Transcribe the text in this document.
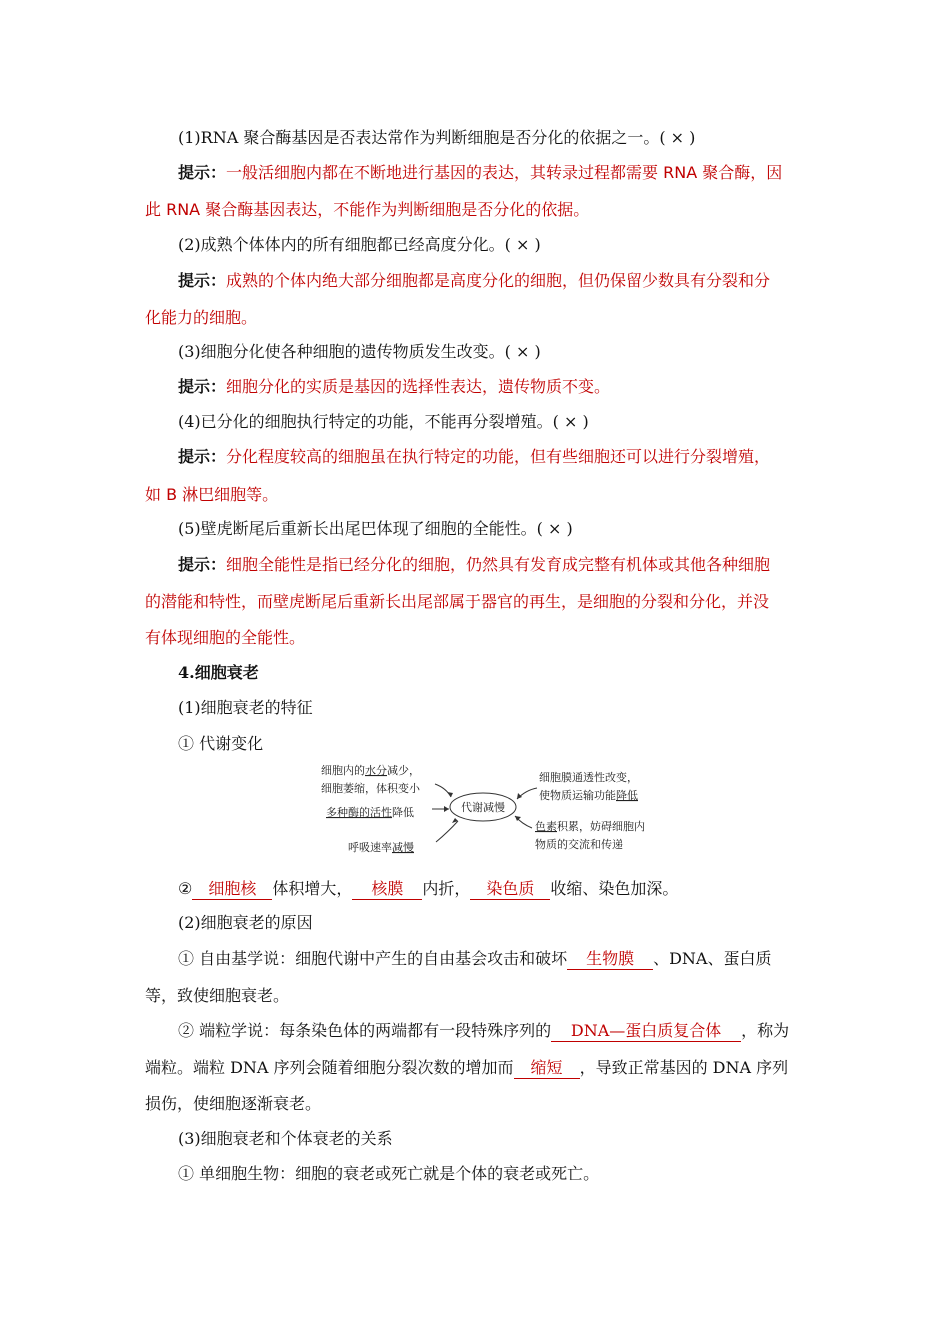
(1)RNA 聚合酶基因是否表达常作为判断细胞是否分化的依据之一。( × )
提示：一般活细胞内都在不断地进行基因的表达，其转录过程都需要 RNA 聚合酶，因
此 RNA 聚合酶基因表达，不能作为判断细胞是否分化的依据。
(2)成熟个体体内的所有细胞都已经高度分化。( × )
提示：成熟的个体内绝大部分细胞都是高度分化的细胞，但仍保留少数具有分裂和分
化能力的细胞。
(3)细胞分化使各种细胞的遗传物质发生改变。( × )
提示：细胞分化的实质是基因的选择性表达，遗传物质不变。
(4)已分化的细胞执行特定的功能，不能再分裂增殖。( × )
提示：分化程度较高的细胞虽在执行特定的功能，但有些细胞还可以进行分裂增殖，
如 B 淋巴细胞等。
(5)壁虎断尾后重新长出尾巴体现了细胞的全能性。( × )
提示：细胞全能性是指已经分化的细胞，仍然具有发育成完整有机体或其他各种细胞
的潜能和特性，而壁虎断尾后重新长出尾部属于器官的再生，是细胞的分裂和分化，并没
有体现细胞的全能性。
4.细胞衰老
(1)细胞衰老的特征
① 代谢变化
代谢减慢
细胞内的水分减少，
细胞萎缩，体积变小
多种酶的活性降低
呼吸速率减慢
细胞膜通透性改变，
使物质运输功能降低
色素积累，妨碍细胞内
物质的交流和传递
② 细胞核 体积增大， 核膜 内折， 染色质 收缩、染色加深。
(2)细胞衰老的原因
① 自由基学说：细胞代谢中产生的自由基会攻击和破坏 生物膜 、DNA、蛋白质
等，致使细胞衰老。
② 端粒学说：每条染色体的两端都有一段特殊序列的 DNA—蛋白质复合体 ，称为
端粒。端粒 DNA 序列会随着细胞分裂次数的增加而 缩短 ，导致正常基因的 DNA 序列
损伤，使细胞逐渐衰老。
(3)细胞衰老和个体衰老的关系
① 单细胞生物：细胞的衰老或死亡就是个体的衰老或死亡。
